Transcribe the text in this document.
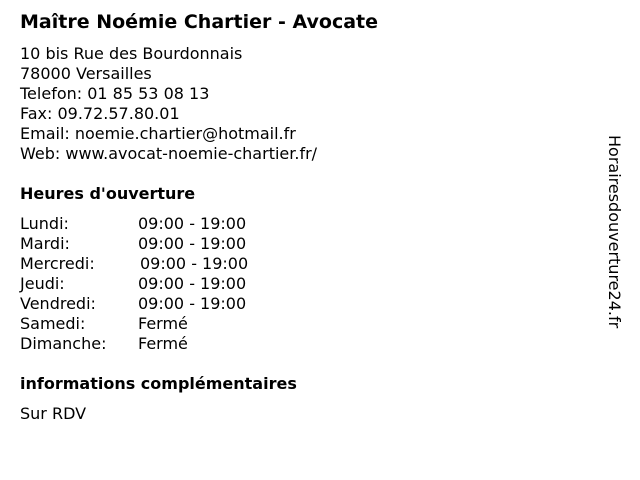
Maître Noémie Chartier - Avocate
10 bis Rue des Bourdonnais
78000 Versailles
Telefon: 01 85 53 08 13
Fax: 09.72.57.80.01
Email: noemie.chartier@hotmail.fr
Web: www.avocat-noemie-chartier.fr/
Heures d'ouverture
Lundi:	09:00 - 19:00
Mardi:	09:00 - 19:00
Mercredi:	09:00 - 19:00
Jeudi:	09:00 - 19:00
Vendredi:	09:00 - 19:00
Samedi:	Fermé
Dimanche: Fermé
informations complémentaires
Sur RDV
Horairesdouverture24.fr
